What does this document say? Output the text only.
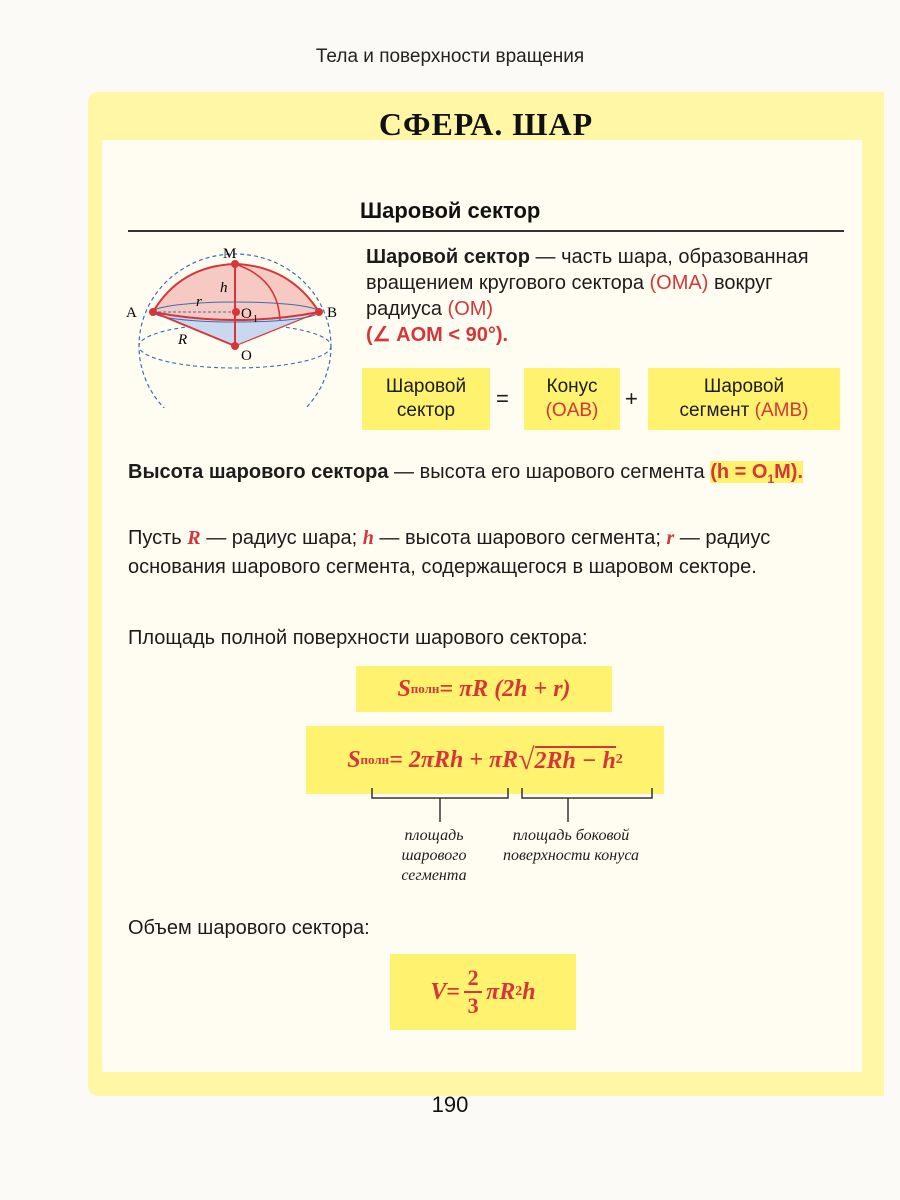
Тела и поверхности вращения
СФЕРА. ШАР
Шаровой сектор
M
A	B
O 1
O
h
r
R
Шаровой сектор — часть шара, образованная вращением кругового сектора (OMA) вокруг радиуса (OM)
(∠ AOM < 90°).
Шаровой
сектор	=	Конус
(OAB)	+	Шаровой
сегмент (AMB)
Высота шарового сектора — высота его шарового сегмента $(h = O_1M)$.
Пусть R — радиус шара; h — высота шарового сегмента; r — радиус основания шарового сегмента, содержащегося в шаровом секторе.
Площадь полной поверхности шарового сектора:
S полн = πR (2h + r)
S полн = 2πRh + πR √ 2Rh − h 2
площадь шарового сегмента
площадь боковой поверхности конуса
Объем шарового сектора:
V =
2
3
πR 2 h
190
